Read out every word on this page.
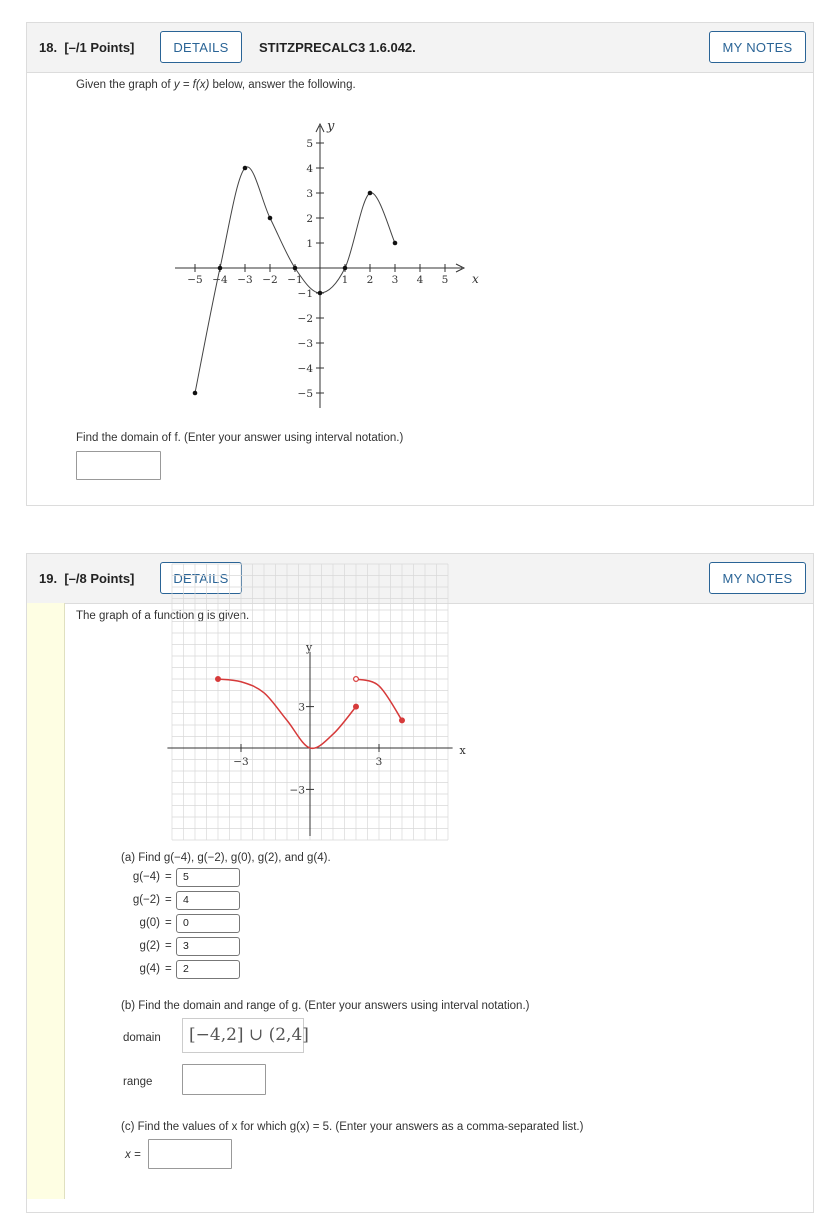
18. [–/1 Points]	DETAILS	STITZPRECALC3 1.6.042.	MY NOTES
Given the graph of y = f(x) below, answer the following.
x
y
−5 −4 −3 −2 −1	1 2 3 4 5
−5
−4
−3
−2
−1
1
2
3
4
5
Find the domain of f. (Enter your answer using interval notation.)
19. [–/8 Points]	DETAILS	MY NOTES
The graph of a function g is given.
x
y
−3	3
3
−3
(a) Find g(−4), g(−2), g(0), g(2), and g(4).
g(−4) =	5
g(−2) =	4
g(0) =	0
g(2) =	3
g(4) =	2
(b) Find the domain and range of g. (Enter your answers using interval notation.)
domain	[−4,2] ∪ (2,4]
range
(c) Find the values of x for which g(x) = 5. (Enter your answers as a comma-separated list.)
x =
